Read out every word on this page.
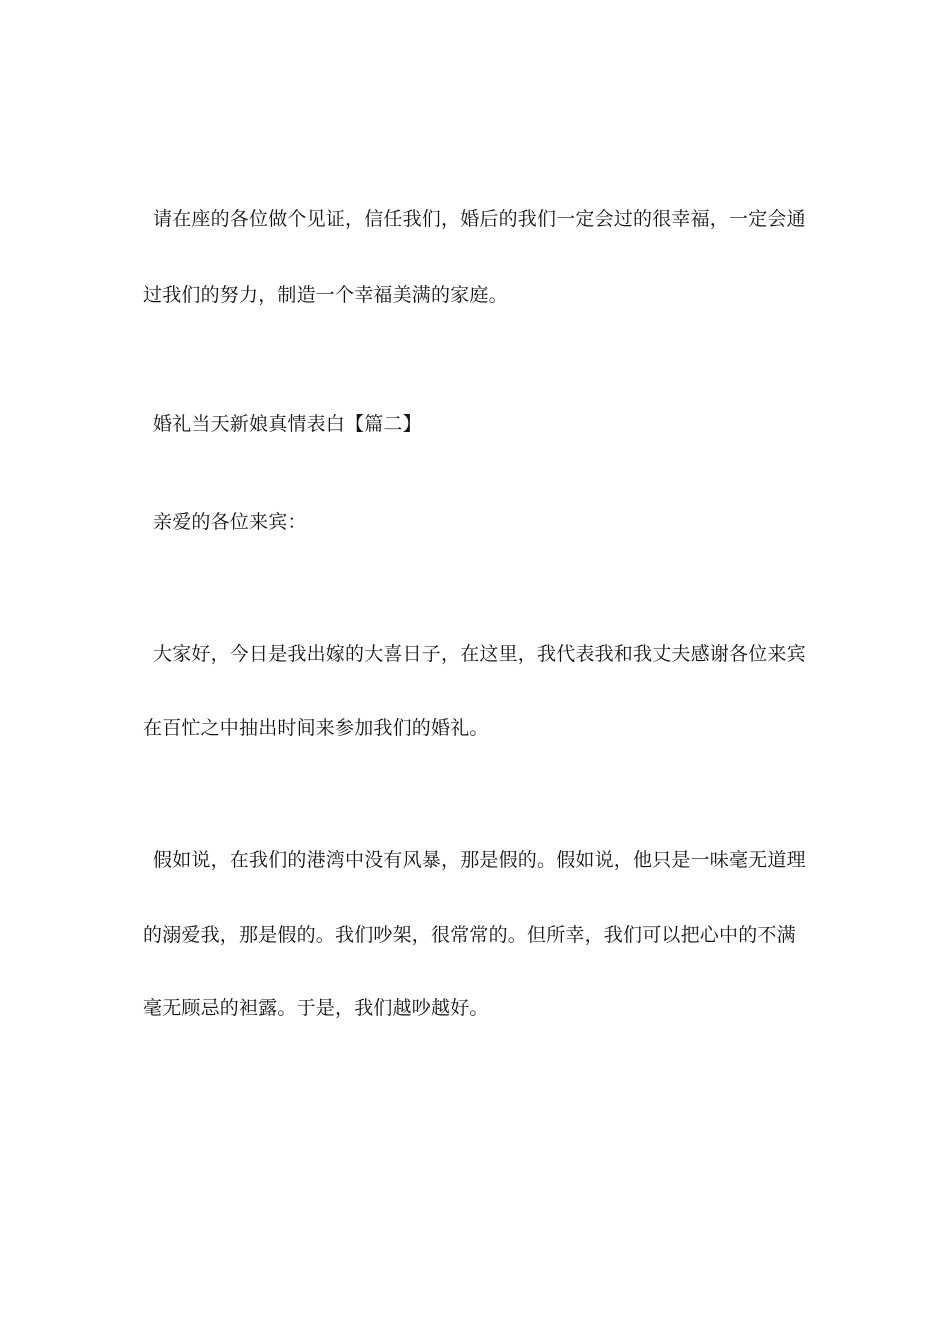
请在座的各位做个见证，信任我们，婚后的我们一定会过的很幸福，一定会通
过我们的努力，制造一个幸福美满的家庭。
婚礼当天新娘真情表白【篇二】
亲爱的各位来宾：
大家好，今日是我出嫁的大喜日子，在这里，我代表我和我丈夫感谢各位来宾
在百忙之中抽出时间来参加我们的婚礼。
假如说，在我们的港湾中没有风暴，那是假的。假如说，他只是一味毫无道理
的溺爱我，那是假的。我们吵架，很常常的。但所幸，我们可以把心中的不满
毫无顾忌的袒露。于是，我们越吵越好。
